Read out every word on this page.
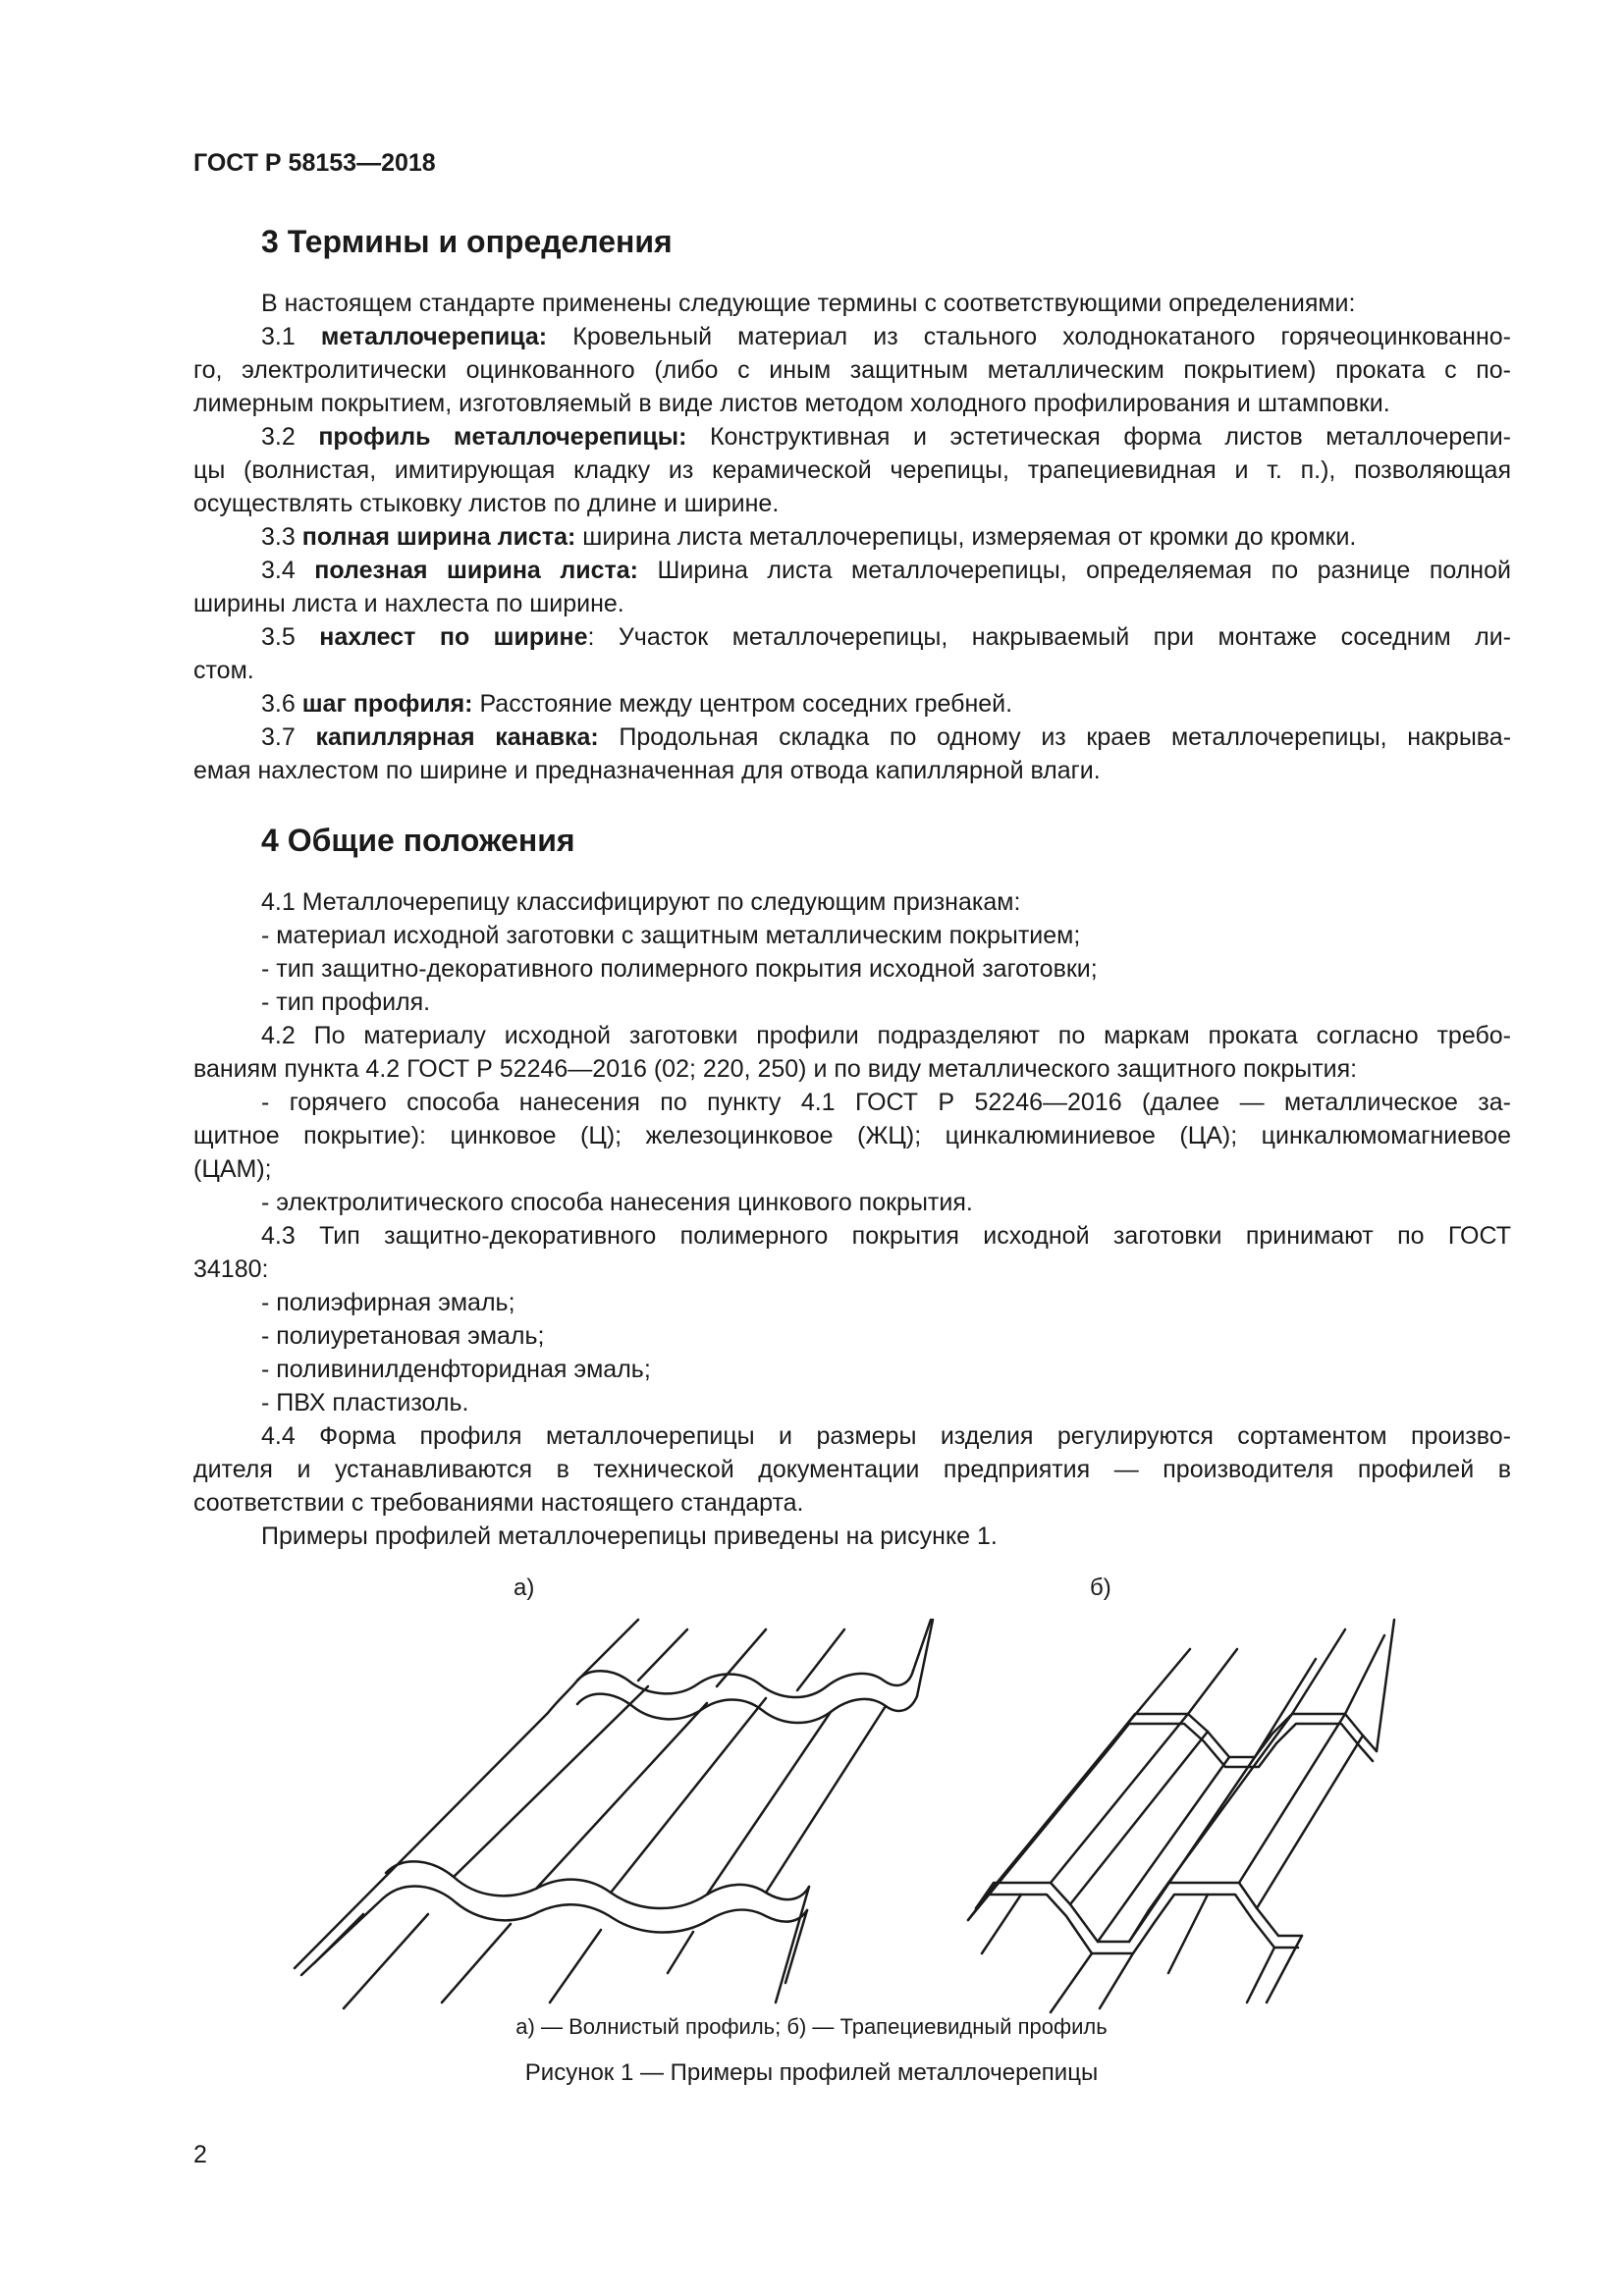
ГОСТ Р 58153—2018
3 Термины и определения
В настоящем стандарте применены следующие термины с соответствующими определениями:
3.1 металлочерепица: Кровельный материал из стального холоднокатаного горячеоцинкованно-
го, электролитически оцинкованного (либо с иным защитным металлическим покрытием) проката с по-
лимерным покрытием, изготовляемый в виде листов методом холодного профилирования и штамповки.
3.2 профиль металлочерепицы: Конструктивная и эстетическая форма листов металлочерепи-
цы (волнистая, имитирующая кладку из керамической черепицы, трапециевидная и т. п.), позволяющая
осуществлять стыковку листов по длине и ширине.
3.3 полная ширина листа: ширина листа металлочерепицы, измеряемая от кромки до кромки.
3.4 полезная ширина листа: Ширина листа металлочерепицы, определяемая по разнице полной
ширины листа и нахлеста по ширине.
3.5 нахлест по ширине: Участок металлочерепицы, накрываемый при монтаже соседним ли-
стом.
3.6 шаг профиля: Расстояние между центром соседних гребней.
3.7 капиллярная канавка: Продольная складка по одному из краев металлочерепицы, накрыва-
емая нахлестом по ширине и предназначенная для отвода капиллярной влаги.
4 Общие положения
4.1 Металлочерепицу классифицируют по следующим признакам:
- материал исходной заготовки с защитным металлическим покрытием;
- тип защитно-декоративного полимерного покрытия исходной заготовки;
- тип профиля.
4.2 По материалу исходной заготовки профили подразделяют по маркам проката согласно требо-
ваниям пункта 4.2 ГОСТ Р 52246—2016 (02; 220, 250) и по виду металлического защитного покрытия:
- горячего способа нанесения по пункту 4.1 ГОСТ Р 52246—2016 (далее — металлическое за-
щитное покрытие): цинковое (Ц); железоцинковое (ЖЦ); цинкалюминиевое (ЦА); цинкалюмомагниевое
(ЦАМ);
- электролитического способа нанесения цинкового покрытия.
4.3 Тип защитно-декоративного полимерного покрытия исходной заготовки принимают по ГОСТ
34180:
- полиэфирная эмаль;
- полиуретановая эмаль;
- поливинилденфторидная эмаль;
- ПВХ пластизоль.
4.4 Форма профиля металлочерепицы и размеры изделия регулируются сортаментом произво-
дителя и устанавливаются в технической документации предприятия — производителя профилей в
соответствии с требованиями настоящего стандарта.
Примеры профилей металлочерепицы приведены на рисунке 1.
а)	б)
а) — Волнистый профиль; б) — Трапециевидный профиль
Рисунок 1 — Примеры профилей металлочерепицы
2
